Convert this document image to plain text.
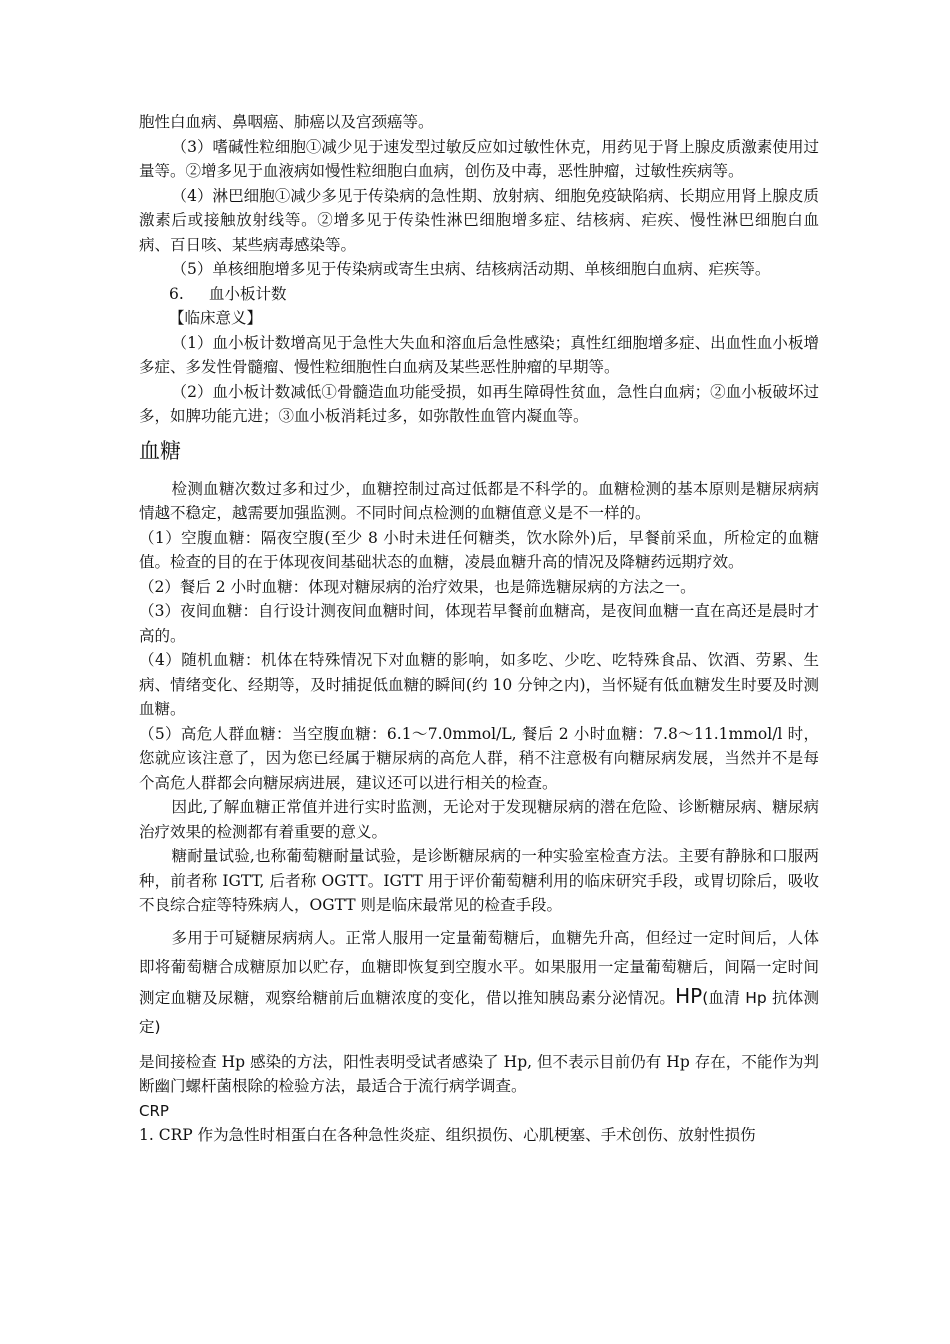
胞性白血病、鼻咽癌、肺癌以及宫颈癌等。

（3）嗜碱性粒细胞①减少见于速发型过敏反应如过敏性休克，用药见于肾上腺皮质激素使用过量等。②增多见于血液病如慢性粒细胞白血病，创伤及中毒，恶性肿瘤，过敏性疾病等。

（4）淋巴细胞①减少多见于传染病的急性期、放射病、细胞免疫缺陷病、长期应用肾上腺皮质激素后或接触放射线等。②增多见于传染性淋巴细胞增多症、结核病、疟疾、慢性淋巴细胞白血病、百日咳、某些病毒感染等。

（5）单核细胞增多见于传染病或寄生虫病、结核病活动期、单核细胞白血病、疟疾等。

6. 血小板计数

【临床意义】

（1）血小板计数增高见于急性大失血和溶血后急性感染；真性红细胞增多症、出血性血小板增多症、多发性骨髓瘤、慢性粒细胞性白血病及某些恶性肿瘤的早期等。

（2）血小板计数减低①骨髓造血功能受损，如再生障碍性贫血，急性白血病；②血小板破坏过多，如脾功能亢进；③血小板消耗过多，如弥散性血管内凝血等。

血糖

检测血糖次数过多和过少，血糖控制过高过低都是不科学的。血糖检测的基本原则是糖尿病病情越不稳定，越需要加强监测。不同时间点检测的血糖值意义是不一样的。

（1）空腹血糖：隔夜空腹(至少 8 小时未进任何糖类，饮水除外)后，早餐前采血，所检定的血糖值。检查的目的在于体现夜间基础状态的血糖，凌晨血糖升高的情况及降糖药远期疗效。

（2）餐后 2 小时血糖：体现对糖尿病的治疗效果，也是筛选糖尿病的方法之一。

（3）夜间血糖：自行设计测夜间血糖时间，体现若早餐前血糖高，是夜间血糖一直在高还是晨时才高的。

（4）随机血糖：机体在特殊情况下对血糖的影响，如多吃、少吃、吃特殊食品、饮酒、劳累、生病、情绪变化、经期等，及时捕捉低血糖的瞬间(约 10 分钟之内)，当怀疑有低血糖发生时要及时测血糖。

（5）高危人群血糖：当空腹血糖：6.1～7.0mmol/L, 餐后 2 小时血糖：7.8～11.1mmol/l 时，您就应该注意了，因为您已经属于糖尿病的高危人群，稍不注意极有向糖尿病发展，当然并不是每个高危人群都会向糖尿病进展，建议还可以进行相关的检查。

因此,了解血糖正常值并进行实时监测，无论对于发现糖尿病的潜在危险、诊断糖尿病、糖尿病治疗效果的检测都有着重要的意义。

糖耐量试验,也称葡萄糖耐量试验，是诊断糖尿病的一种实验室检查方法。主要有静脉和口服两种，前者称 IGTT, 后者称 OGTT。IGTT 用于评价葡萄糖利用的临床研究手段，或胃切除后，吸收不良综合症等特殊病人，OGTT 则是临床最常见的检查手段。

多用于可疑糖尿病病人。正常人服用一定量葡萄糖后，血糖先升高，但经过一定时间后，人体即将葡萄糖合成糖原加以贮存，血糖即恢复到空腹水平。如果服用一定量葡萄糖后，间隔一定时间测定血糖及尿糖，观察给糖前后血糖浓度的变化，借以推知胰岛素分泌情况。HP(血清 Hp 抗体测定)

是间接检查 Hp 感染的方法，阳性表明受试者感染了 Hp, 但不表示目前仍有 Hp 存在，不能作为判断幽门螺杆菌根除的检验方法，最适合于流行病学调查。

CRP

1. CRP 作为急性时相蛋白在各种急性炎症、组织损伤、心肌梗塞、手术创伤、放射性损伤
